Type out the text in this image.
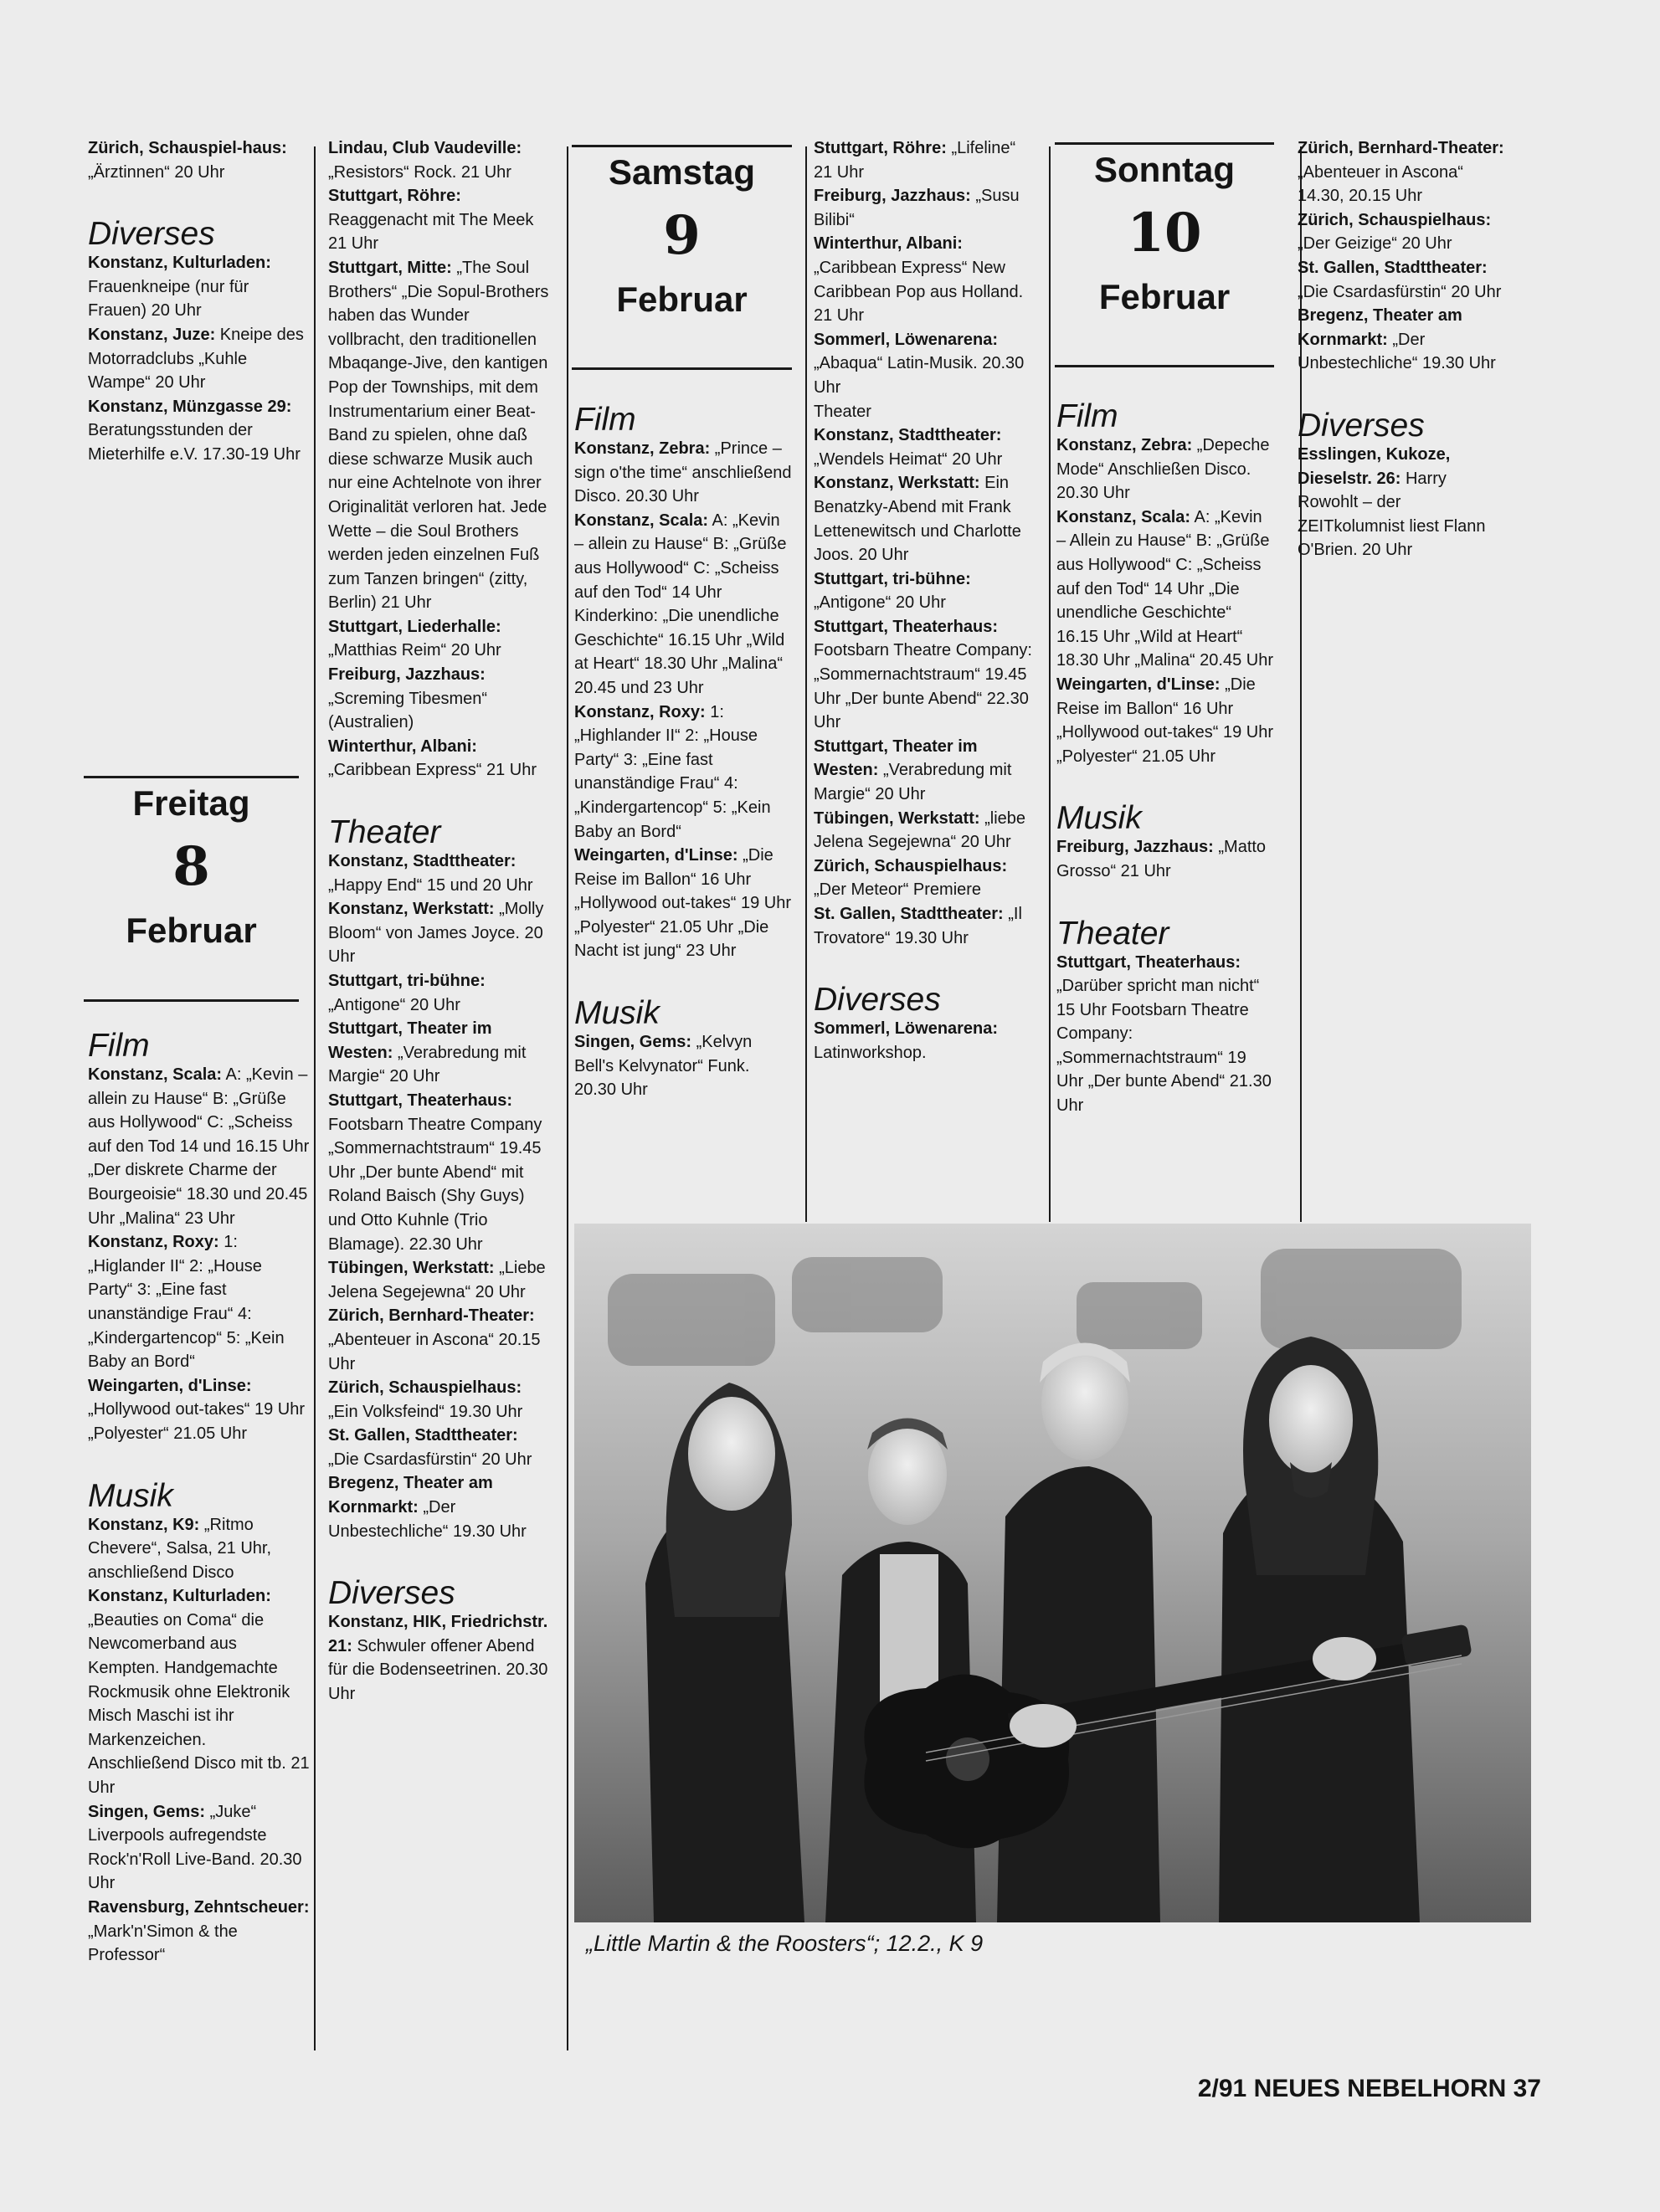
Zürich, Schauspiel-haus: „Ärztinnen“ 20 Uhr

Diverses

Konstanz, Kulturladen: Frauenkneipe (nur für Frauen) 20 Uhr

Konstanz, Juze: Kneipe des Motorradclubs „Kuhle Wampe“ 20 Uhr

Konstanz, Münzgasse 29: Beratungsstunden der Mieterhilfe e.V. 17.30-19 Uhr

Freitag
8
Februar
Film

Konstanz, Scala: A: „Kevin – allein zu Hause“ B: „Grüße aus Hollywood“ C: „Scheiss auf den Tod 14 und 16.15 Uhr „Der diskrete Charme der Bourgeoisie“ 18.30 und 20.45 Uhr „Malina“ 23 Uhr

Konstanz, Roxy: 1: „Higlander II“ 2: „House Party“ 3: „Eine fast unanständige Frau“ 4: „Kindergartencop“ 5: „Kein Baby an Bord“

Weingarten, d'Linse: „Hollywood out-takes“ 19 Uhr „Polyester“ 21.05 Uhr

Musik

Konstanz, K9: „Ritmo Chevere“, Salsa, 21 Uhr, anschließend Disco

Konstanz, Kulturladen: „Beauties on Coma“ die Newcomerband aus Kempten. Handgemachte Rockmusik ohne Elektronik Misch Maschi ist ihr Markenzeichen. Anschließend Disco mit tb. 21 Uhr

Singen, Gems: „Juke“ Liverpools aufregendste Rock'n'Roll Live-Band. 20.30 Uhr

Ravensburg, Zehntscheuer: „Mark'n'Simon & the Professor“

Lindau, Club Vaudeville: „Resistors“ Rock. 21 Uhr

Stuttgart, Röhre: Reaggenacht mit The Meek 21 Uhr

Stuttgart, Mitte: „The Soul Brothers“ „Die Sopul-Brothers haben das Wunder vollbracht, den traditionellen Mbaqange-Jive, den kantigen Pop der Townships, mit dem Instrumentarium einer Beat-Band zu spielen, ohne daß diese schwarze Musik auch nur eine Achtelnote von ihrer Originalität verloren hat. Jede Wette – die Soul Brothers werden jeden einzelnen Fuß zum Tanzen bringen“ (zitty, Berlin) 21 Uhr

Stuttgart, Liederhalle: „Matthias Reim“ 20 Uhr

Freiburg, Jazzhaus: „Screming Tibesmen“ (Australien)

Winterthur, Albani: „Caribbean Express“ 21 Uhr

Theater

Konstanz, Stadttheater: „Happy End“ 15 und 20 Uhr

Konstanz, Werkstatt: „Molly Bloom“ von James Joyce. 20 Uhr

Stuttgart, tri-bühne: „Antigone“ 20 Uhr

Stuttgart, Theater im Westen: „Verabredung mit Margie“ 20 Uhr

Stuttgart, Theaterhaus: Footsbarn Theatre Company „Sommernachtstraum“ 19.45 Uhr „Der bunte Abend“ mit Roland Baisch (Shy Guys) und Otto Kuhnle (Trio Blamage). 22.30 Uhr

Tübingen, Werkstatt: „Liebe Jelena Segejewna“ 20 Uhr

Zürich, Bernhard-Theater: „Abenteuer in Ascona“ 20.15 Uhr

Zürich, Schauspielhaus: „Ein Volksfeind“ 19.30 Uhr

St. Gallen, Stadttheater: „Die Csardasfürstin“ 20 Uhr

Bregenz, Theater am Kornmarkt: „Der Unbestechliche“ 19.30 Uhr

Diverses

Konstanz, HIK, Friedrichstr. 21: Schwuler offener Abend für die Bodenseetrinen. 20.30 Uhr

Samstag
9
Februar
Film

Konstanz, Zebra: „Prince – sign o'the time“ anschließend Disco. 20.30 Uhr

Konstanz, Scala: A: „Kevin – allein zu Hause“ B: „Grüße aus Hollywood“ C: „Scheiss auf den Tod“ 14 Uhr Kinderkino: „Die unendliche Geschichte“ 16.15 Uhr „Wild at Heart“ 18.30 Uhr „Malina“ 20.45 und 23 Uhr

Konstanz, Roxy: 1: „Highlander II“ 2: „House Party“ 3: „Eine fast unanständige Frau“ 4: „Kindergartencop“ 5: „Kein Baby an Bord“

Weingarten, d'Linse: „Die Reise im Ballon“ 16 Uhr „Hollywood out-takes“ 19 Uhr „Polyester“ 21.05 Uhr „Die Nacht ist jung“ 23 Uhr

Musik

Singen, Gems: „Kelvyn Bell's Kelvynator“ Funk. 20.30 Uhr

Stuttgart, Röhre: „Lifeline“ 21 Uhr

Freiburg, Jazzhaus: „Susu Bilibi“

Winterthur, Albani: „Caribbean Express“ New Caribbean Pop aus Holland. 21 Uhr

Sommerl, Löwenarena: „Abaqua“ Latin-Musik. 20.30 Uhr

Theater

Konstanz, Stadttheater: „Wendels Heimat“ 20 Uhr

Konstanz, Werkstatt: Ein Benatzky-Abend mit Frank Lettenewitsch und Charlotte Joos. 20 Uhr

Stuttgart, tri-bühne: „Antigone“ 20 Uhr

Stuttgart, Theaterhaus: Footsbarn Theatre Company: „Sommernachtstraum“ 19.45 Uhr „Der bunte Abend“ 22.30 Uhr

Stuttgart, Theater im Westen: „Verabredung mit Margie“ 20 Uhr

Tübingen, Werkstatt: „liebe Jelena Segejewna“ 20 Uhr

Zürich, Schauspielhaus: „Der Meteor“ Premiere

St. Gallen, Stadttheater: „Il Trovatore“ 19.30 Uhr

Diverses

Sommerl, Löwenarena: Latinworkshop.

Sonntag
10
Februar
Film

Konstanz, Zebra: „Depeche Mode“ Anschließen Disco. 20.30 Uhr

Konstanz, Scala: A: „Kevin – Allein zu Hause“ B: „Grüße aus Hollywood“ C: „Scheiss auf den Tod“ 14 Uhr „Die unendliche Geschichte“ 16.15 Uhr „Wild at Heart“ 18.30 Uhr „Malina“ 20.45 Uhr

Weingarten, d'Linse: „Die Reise im Ballon“ 16 Uhr „Hollywood out-takes“ 19 Uhr „Polyester“ 21.05 Uhr

Musik

Freiburg, Jazzhaus: „Matto Grosso“ 21 Uhr

Theater

Stuttgart, Theaterhaus: „Darüber spricht man nicht“ 15 Uhr Footsbarn Theatre Company: „Sommernachtstraum“ 19 Uhr „Der bunte Abend“ 21.30 Uhr

Zürich, Bernhard-Theater: „Abenteuer in Ascona“ 14.30, 20.15 Uhr

Zürich, Schauspielhaus: „Der Geizige“ 20 Uhr

St. Gallen, Stadttheater: „Die Csardasfürstin“ 20 Uhr

Bregenz, Theater am Kornmarkt: „Der Unbestechliche“ 19.30 Uhr

Diverses

Esslingen, Kukoze, Dieselstr. 26: Harry Rowohlt – der ZEITkolumnist liest Flann O'Brien. 20 Uhr

„Little Martin & the Roosters“; 12.2., K 9
2/91 NEUES NEBELHORN 37
